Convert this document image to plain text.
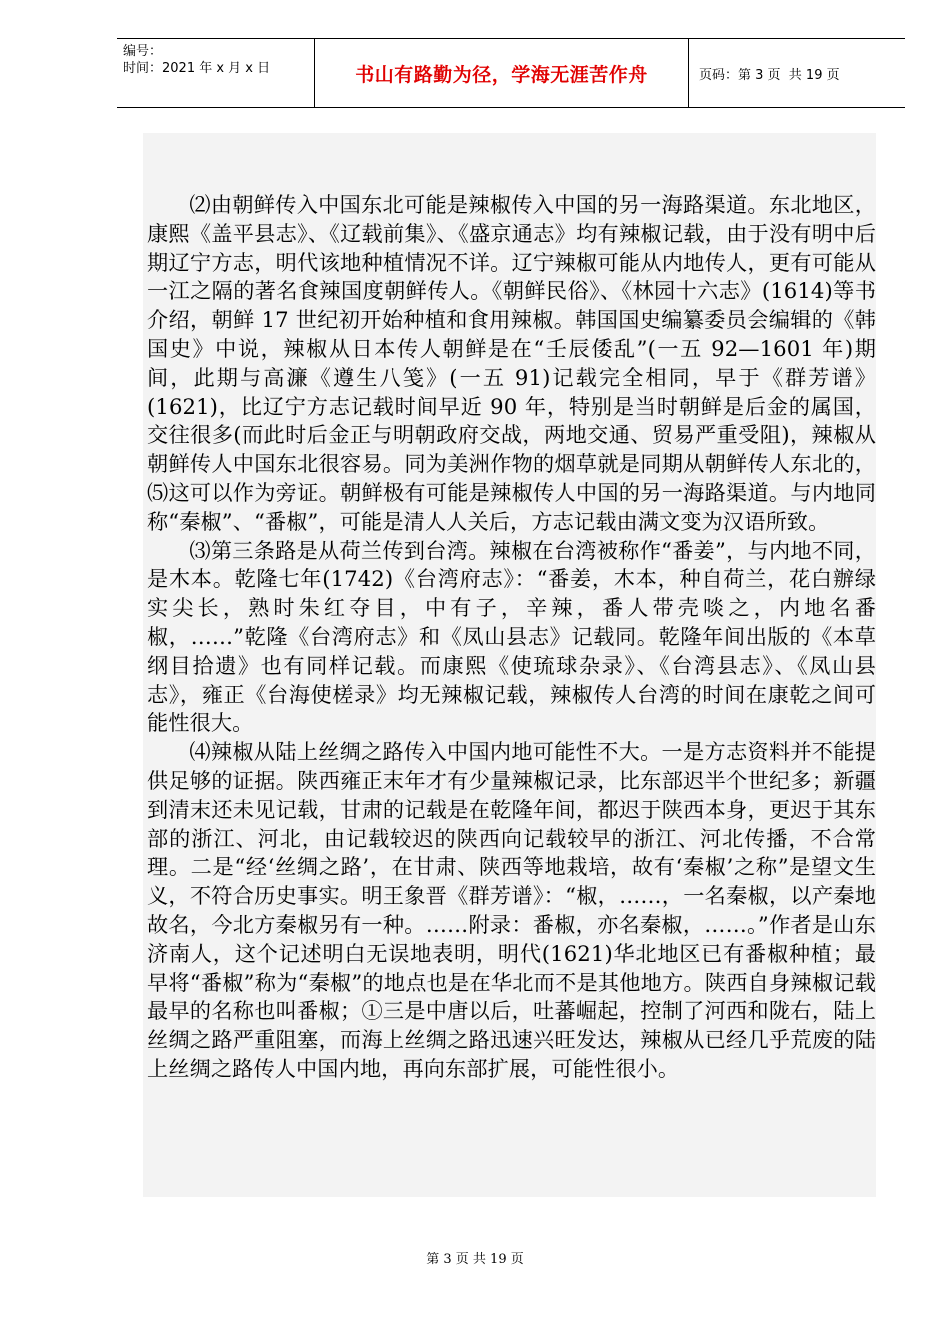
编号：
时间：2021 年 x 月 x 日	书山有路勤为径，学海无涯苦作舟	页码：第 3 页  共 19 页

⑵由朝鲜传入中国东北可能是辣椒传入中国的另一海路渠道。东北地区，康熙《盖平县志》、《辽载前集》、《盛京通志》均有辣椒记载，由于没有明中后期辽宁方志，明代该地种植情况不详。辽宁辣椒可能从内地传人，更有可能从一江之隔的著名食辣国度朝鲜传人。《朝鲜民俗》、《林园十六志》(1614)等书介绍，朝鲜 17 世纪初开始种植和食用辣椒。韩国国史编纂委员会编辑的《韩国史》中说，辣椒从日本传人朝鲜是在“壬辰倭乱”(一五 92—1601 年)期间，此期与高濂《遵生八笺》(一五 91)记载完全相同，早于《群芳谱》(1621)，比辽宁方志记载时间早近 90 年，特别是当时朝鲜是后金的属国，交往很多(而此时后金正与明朝政府交战，两地交通、贸易严重受阻)，辣椒从朝鲜传人中国东北很容易。同为美洲作物的烟草就是同期从朝鲜传人东北的，⑸这可以作为旁证。朝鲜极有可能是辣椒传人中国的另一海路渠道。与内地同称“秦椒”、“番椒”，可能是清人人关后，方志记载由满文变为汉语所致。

⑶第三条路是从荷兰传到台湾。辣椒在台湾被称作“番姜”，与内地不同，是木本。乾隆七年(1742)《台湾府志》：“番姜，木本，种自荷兰，花白辦绿实尖长，熟时朱红夺目，中有子，辛辣，番人带壳啖之，内地名番椒，……”乾隆《台湾府志》和《凤山县志》记载同。乾隆年间出版的《本草纲目拾遗》也有同样记载。而康熙《使琉球杂录》、《台湾县志》、《凤山县志》，雍正《台海使槎录》均无辣椒记载，辣椒传人台湾的时间在康乾之间可能性很大。

⑷辣椒从陆上丝绸之路传入中国内地可能性不大。一是方志资料并不能提供足够的证据。陕西雍正末年才有少量辣椒记录，比东部迟半个世纪多；新疆到清末还未见记载，甘肃的记载是在乾隆年间，都迟于陕西本身，更迟于其东部的浙江、河北，由记载较迟的陕西向记载较早的浙江、河北传播，不合常理。二是“经‘丝绸之路’，在甘肃、陕西等地栽培，故有‘秦椒’之称”是望文生义，不符合历史事实。明王象晋《群芳谱》：“椒，……，一名秦椒，以产秦地故名，今北方秦椒另有一种。……附录：番椒，亦名秦椒，……。”作者是山东济南人，这个记述明白无误地表明，明代(1621)华北地区已有番椒种植；最早将“番椒”称为“秦椒”的地点也是在华北而不是其他地方。陕西自身辣椒记载最早的名称也叫番椒；①三是中唐以后，吐蕃崛起，控制了河西和陇右，陆上丝绸之路严重阻塞，而海上丝绸之路迅速兴旺发达，辣椒从已经几乎荒废的陆上丝绸之路传人中国内地，再向东部扩展，可能性很小。

第 3 页 共 19 页
